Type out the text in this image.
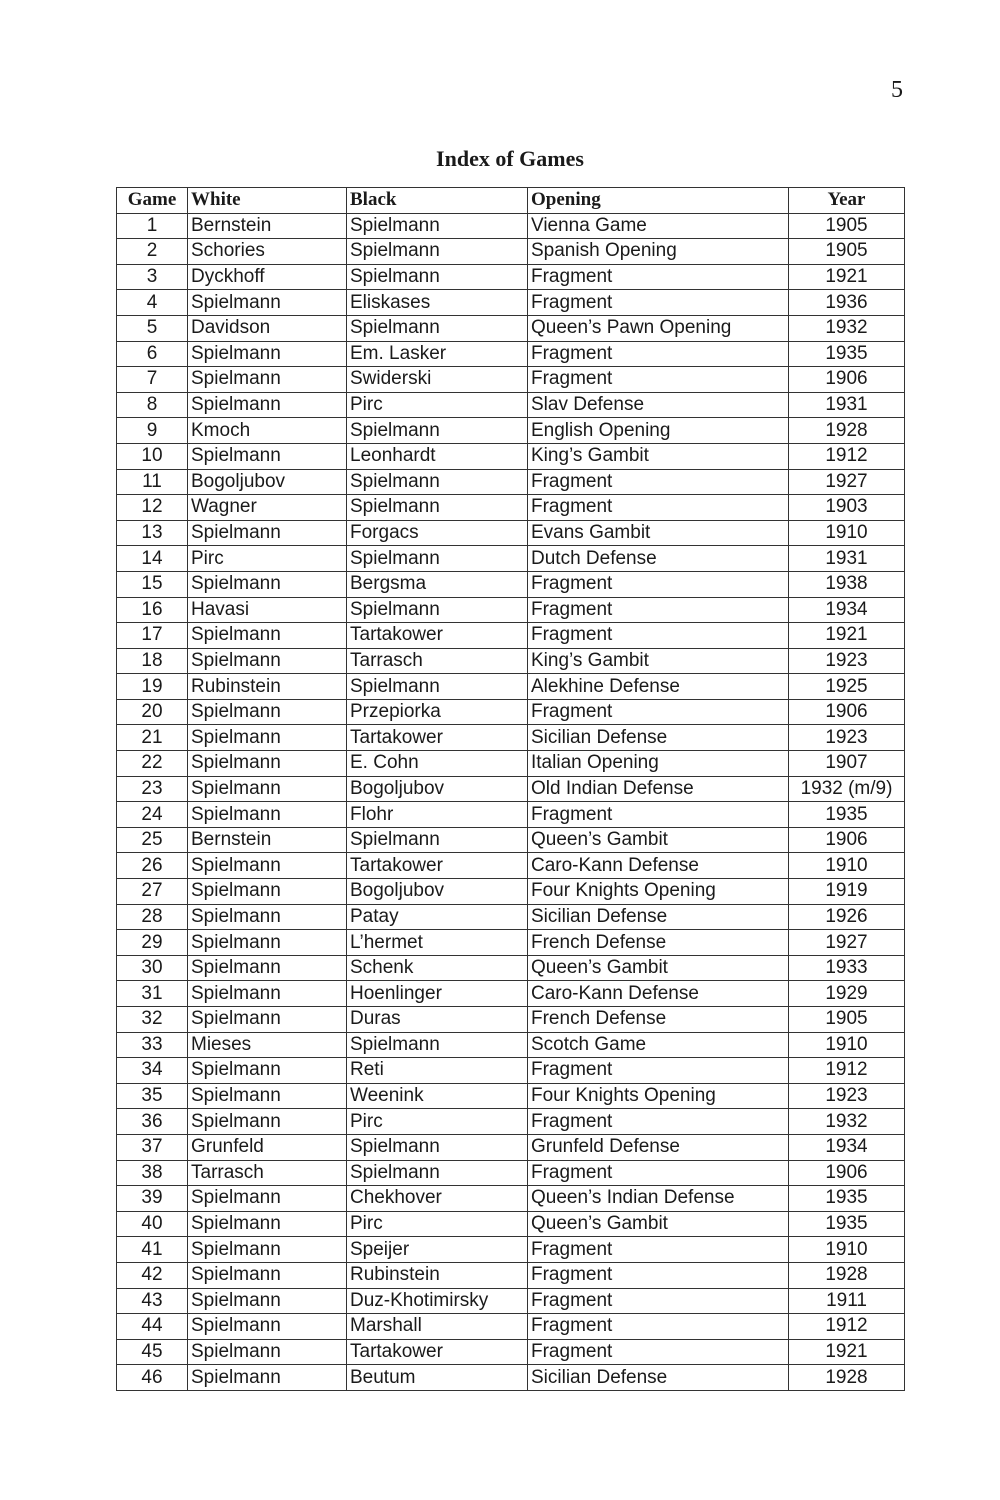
5
Index of Games
Game	White	Black	Opening	Year
1	Bernstein	Spielmann	Vienna Game	1905
2	Schories	Spielmann	Spanish Opening	1905
3	Dyckhoff	Spielmann	Fragment	1921
4	Spielmann	Eliskases	Fragment	1936
5	Davidson	Spielmann	Queen’s Pawn Opening	1932
6	Spielmann	Em. Lasker	Fragment	1935
7	Spielmann	Swiderski	Fragment	1906
8	Spielmann	Pirc	Slav Defense	1931
9	Kmoch	Spielmann	English Opening	1928
10	Spielmann	Leonhardt	King’s Gambit	1912
11	Bogoljubov	Spielmann	Fragment	1927
12	Wagner	Spielmann	Fragment	1903
13	Spielmann	Forgacs	Evans Gambit	1910
14	Pirc	Spielmann	Dutch Defense	1931
15	Spielmann	Bergsma	Fragment	1938
16	Havasi	Spielmann	Fragment	1934
17	Spielmann	Tartakower	Fragment	1921
18	Spielmann	Tarrasch	King’s Gambit	1923
19	Rubinstein	Spielmann	Alekhine Defense	1925
20	Spielmann	Przepiorka	Fragment	1906
21	Spielmann	Tartakower	Sicilian Defense	1923
22	Spielmann	E. Cohn	Italian Opening	1907
23	Spielmann	Bogoljubov	Old Indian Defense	1932 (m/9)
24	Spielmann	Flohr	Fragment	1935
25	Bernstein	Spielmann	Queen’s Gambit	1906
26	Spielmann	Tartakower	Caro-Kann Defense	1910
27	Spielmann	Bogoljubov	Four Knights Opening	1919
28	Spielmann	Patay	Sicilian Defense	1926
29	Spielmann	L’hermet	French Defense	1927
30	Spielmann	Schenk	Queen’s Gambit	1933
31	Spielmann	Hoenlinger	Caro-Kann Defense	1929
32	Spielmann	Duras	French Defense	1905
33	Mieses	Spielmann	Scotch Game	1910
34	Spielmann	Reti	Fragment	1912
35	Spielmann	Weenink	Four Knights Opening	1923
36	Spielmann	Pirc	Fragment	1932
37	Grunfeld	Spielmann	Grunfeld Defense	1934
38	Tarrasch	Spielmann	Fragment	1906
39	Spielmann	Chekhover	Queen’s Indian Defense	1935
40	Spielmann	Pirc	Queen’s Gambit	1935
41	Spielmann	Speijer	Fragment	1910
42	Spielmann	Rubinstein	Fragment	1928
43	Spielmann	Duz-Khotimirsky	Fragment	1911
44	Spielmann	Marshall	Fragment	1912
45	Spielmann	Tartakower	Fragment	1921
46	Spielmann	Beutum	Sicilian Defense	1928
